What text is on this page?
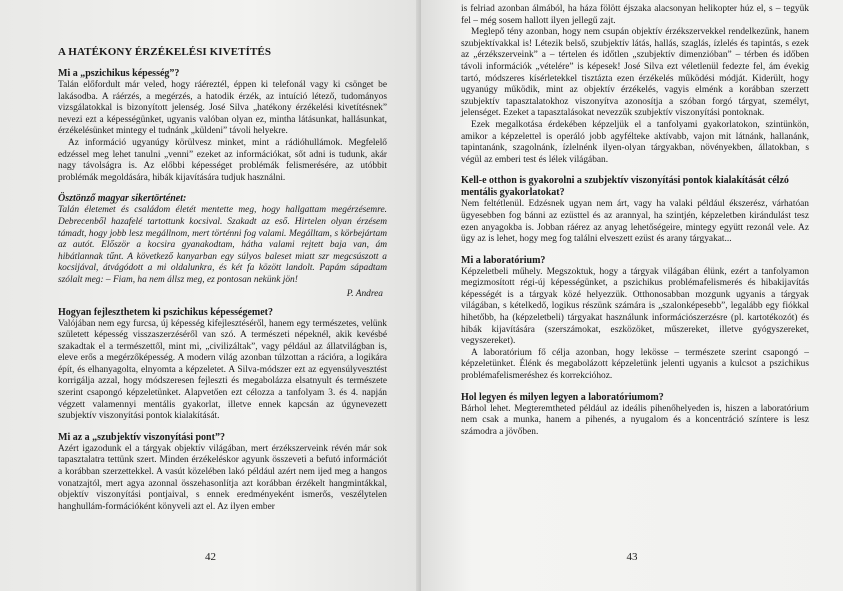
A HATÉKONY ÉRZÉKELÉSI KIVETÍTÉS
Mi a „pszichikus képesség”?

Talán előfordult már veled, hogy ráéreztél, éppen ki telefonál vagy ki csönget be lakásodba. A ráérzés, a megérzés, a hatodik érzék, az intuíció létező, tudományos vizsgálatokkal is bizonyított jelenség. José Silva „hatékony érzékelési kivetítésnek” nevezi ezt a képességünket, ugyanis valóban olyan ez, mintha látásunkat, hallásunkat, érzékelésünket mintegy el tudnánk „küldeni” távoli helyekre.

Az információ ugyanúgy körülvesz minket, mint a rádióhullámok. Megfelelő edzéssel meg lehet tanulni „venni” ezeket az információkat, sőt adni is tudunk, akár nagy távolságra is. Az előbbi képességet problémák felismerésére, az utóbbit problémák megoldására, hibák kijavítására tudjuk használni.

Ösztönző magyar sikertörténet:

Talán életemet és családom életét mentette meg, hogy hallgattam megérzésemre. Debrecenből hazafelé tartottunk kocsival. Szakadt az eső. Hirtelen olyan érzésem támadt, hogy jobb lesz megállnom, mert történni fog valami. Megálltam, s körbejártam az autót. Először a kocsira gyanakodtam, hátha valami rejtett baja van, ám hibátlannak tűnt. A következő kanyarban egy súlyos baleset miatt szr megcsúszott a kocsijával, átvágódott a mi oldalunkra, és két fa között landolt. Papám sápadtam szólalt meg: – Fiam, ha nem állsz meg, ez pontosan nekünk jön!

P. Andrea
Hogyan fejleszthetem ki pszichikus képességemet?

Valójában nem egy furcsa, új képesség kifejlesztéséről, hanem egy természetes, velünk született képesség visszaszerzéséről van szó. A természeti népeknél, akik kevésbé szakadtak el a természettől, mint mi, „civilizáltak”, vagy például az állatvilágban is, eleve erős a megérzőképesség. A modern világ azonban túlzottan a rációra, a logikára épít, és elhanyagolta, elnyomta a képzeletet. A Silva-módszer ezt az egyensúlyvesztést korrigálja azzal, hogy módszeresen fejleszti és megabolázza elsatnyult és természete szerint csapongó képzeletünket. Alapvetően ezt célozza a tanfolyam 3. és 4. napján végzett valamennyi mentális gyakorlat, illetve ennek kapcsán az úgynevezett szubjektív viszonyítási pontok kialakítását.

Mi az a „szubjektív viszonyítási pont”?

Azért igazodunk el a tárgyak objektív világában, mert érzékszerveink révén már sok tapasztalatra tettünk szert. Minden érzékeléskor agyunk összeveti a befutó információt a korábban szerzettekkel. A vasút közelében lakó például azért nem ijed meg a hangos vonatzajtól, mert agya azonnal összehasonlítja azt korábban érzékelt hangmintákkal, objektív viszonyítási pontjaival, s ennek eredményeként ismerős, veszélytelen hanghullám-formációként könyveli azt el. Az ilyen ember

42

is felriad azonban álmából, ha háza fölött éjszaka alacsonyan helikopter húz el, s – tegyük fel – még sosem hallott ilyen jellegű zajt.

Meglepő tény azonban, hogy nem csupán objektív érzékszervekkel rendelkezünk, hanem szubjektívakkal is! Létezik belső, szubjektív látás, hallás, szaglás, ízlelés és tapintás, s ezek az „érzékszerveink” a – tértelen és időtlen „szubjektív dimenzióban” – térben és időben távoli információk „vételére” is képesek! José Silva ezt véletlenül fedezte fel, ám évekig tartó, módszeres kísérletekkel tisztázta ezen érzékelés működési módját. Kiderült, hogy ugyanúgy működik, mint az objektív érzékelés, vagyis elménk a korábban szerzett szubjektív tapasztalatokhoz viszonyítva azonosítja a szóban forgó tárgyat, személyt, jelenséget. Ezeket a tapasztalásokat nevezzük szubjektív viszonyítási pontoknak.

Ezek megalkotása érdekében képzeljük el a tanfolyami gyakorlatokon, szintünkön, amikor a képzelettel is operáló jobb agyféltekе aktívabb, vajon mit látnánk, hallanánk, tapintanánk, szagolnánk, ízlelnénk ilyen-olyan tárgyakban, növényekben, állatokban, s végül az emberi test és lélek világában.

Kell-e otthon is gyakorolni a szubjektív viszonyítási pontok kialakítását célzó mentális gyakorlatokat?

Nem feltétlenül. Edzésnek ugyan nem árt, vagy ha valaki például ékszerész, várhatóan ügyesebben fog bánni az ezüsttel és az arannyal, ha szintjén, képzeletben kirándulást tesz ezen anyagokba is. Jobban ráérez az anyag lehetőségeire, mintegy együtt rezonál vele. Az ügy az is lehet, hogy meg fog találni elveszett ezüst és arany tárgyakat...

Mi a laboratórium?

Képzeletbeli műhely. Megszoktuk, hogy a tárgyak világában élünk, ezért a tanfolyamon megizmosított régi-új képességünket, a pszichikus problémafelismerés és hibakijavítás képességét is a tárgyak közé helyezzük. Otthonosabban mozgunk ugyanis a tárgyak világában, s kételkedő, logikus részünk számára is „szalonképesebb”, legalább egy fiókkal hihetőbb, ha (képzeletbeli) tárgyakat használunk információszerzésre (pl. kartotékozót) és hibák kijavítására (szerszámokat, eszközöket, műszereket, illetve gyógyszereket, vegyszereket).

A laboratórium fő célja azonban, hogy lekösse – természete szerint csapongó – képzeletünket. Élénk és megabolázott képzeletünk jelenti ugyanis a kulcsot a pszichikus problémafelismeréshez és korrekcióhoz.

Hol legyen és milyen legyen a laboratóriumom?

Bárhol lehet. Megteremtheted például az ideális pihenőhelyeden is, hiszen a laboratórium nem csak a munka, hanem a pihenés, a nyugalom és a koncentráció színtere is lesz számodra a jövőben.

43
